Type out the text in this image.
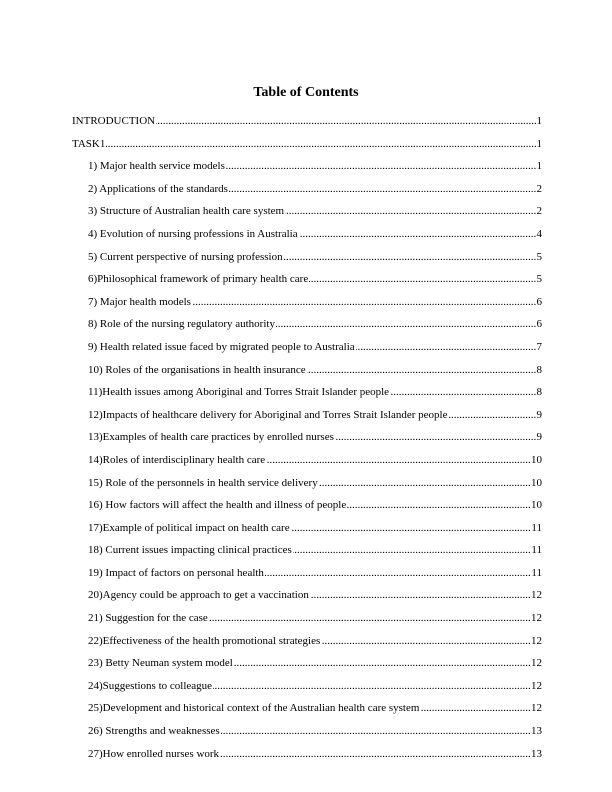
Table of Contents
.....
INTRODUCTION	1
.....
TASK1	1
.....
1) Major health service models	1
.....
2) Applications of the standards	2
.....
3) Structure of Australian health care system	2
.....
4) Evolution of nursing professions in Australia	4
.....
5) Current perspective of nursing profession	5
.....
6)Philosophical framework of primary health care	5
.....
7) Major health models	6
.....
8) Role of the nursing regulatory authority	6
.....
9) Health related issue faced by migrated people to Australia	7
.....
10) Roles of the organisations in health insurance	8
.....
11)Health issues among Aboriginal and Torres Strait Islander people	8
.....
12)Impacts of healthcare delivery for Aboriginal and Torres Strait Islander people	9
.....
13)Examples of health care practices by enrolled nurses	9
.....
14)Roles of interdisciplinary health care	10
.....
15) Role of the personnels in health service delivery	10
.....
16) How factors will affect the health and illness of people	10
.....
17)Example of political impact on health care	11
.....
18) Current issues impacting clinical practices	11
.....
19) Impact of factors on personal health	11
.....
20)Agency could be approach to get a vaccination	12
.....
21) Suggestion for the case	12
.....
22)Effectiveness of the health promotional strategies	12
.....
23) Betty Neuman system model	12
.....
24)Suggestions to colleague	12
.....
25)Development and historical context of the Australian health care system	12
.....
26) Strengths and weaknesses	13
.....
27)How enrolled nurses work	13
